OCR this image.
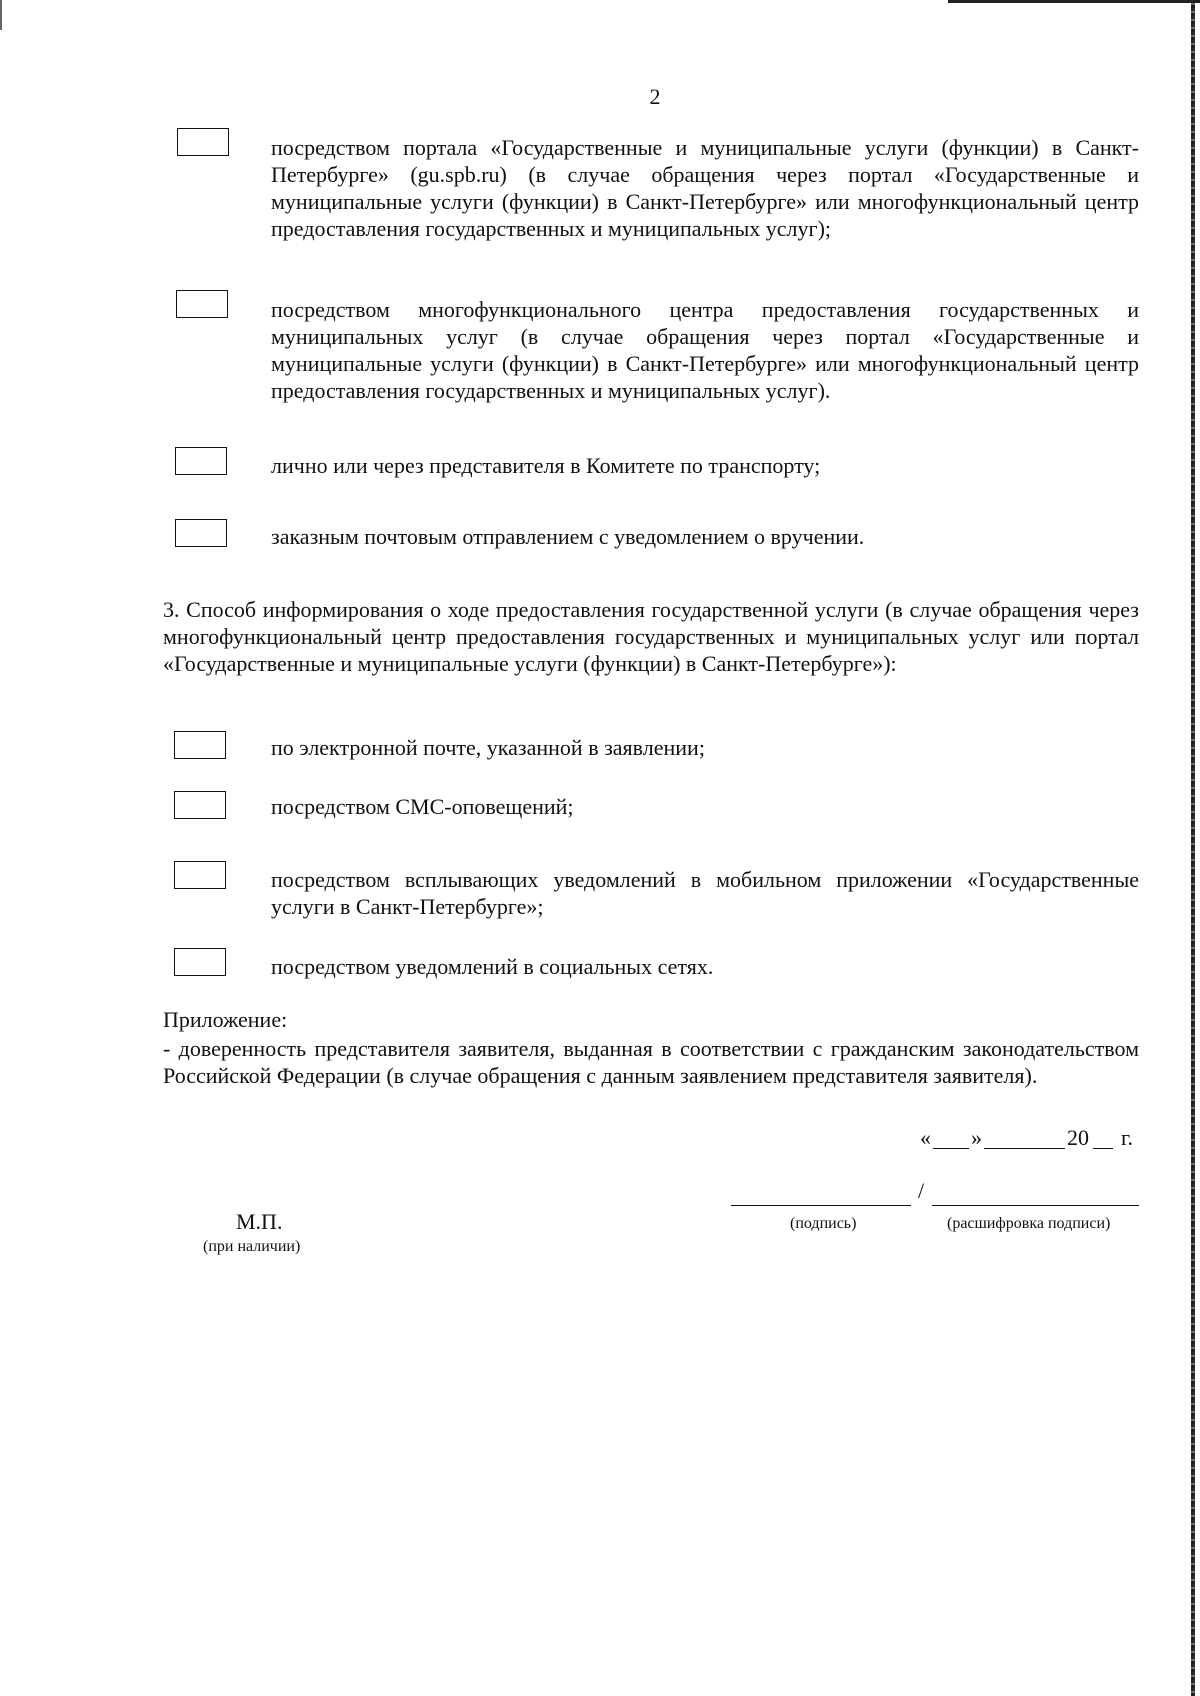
2
посредством портала «Государственные и муниципальные услуги (функции) в Санкт-Петербурге» (gu.spb.ru) (в случае обращения через портал «Государственные и муниципальные услуги (функции) в Санкт-Петербурге» или многофункциональный центр предоставления государственных и муниципальных услуг);
посредством многофункционального центра предоставления государственных и муниципальных услуг (в случае обращения через портал «Государственные и муниципальные услуги (функции) в Санкт-Петербурге» или многофункциональный центр предоставления государственных и муниципальных услуг).
лично или через представителя в Комитете по транспорту;
заказным почтовым отправлением с уведомлением о вручении.
3. Способ информирования о ходе предоставления государственной услуги (в случае обращения через многофункциональный центр предоставления государственных и муниципальных услуг или портал «Государственные и муниципальные услуги (функции) в Санкт-Петербурге»):
по электронной почте, указанной в заявлении;
посредством СМС-оповещений;
посредством всплывающих уведомлений в мобильном приложении «Государственные услуги в Санкт-Петербурге»;
посредством уведомлений в социальных сетях.
Приложение:
- доверенность представителя заявителя, выданная в соответствии с гражданским законодательством Российской Федерации (в случае обращения с данным заявлением представителя заявителя).
« »	20 г.
/
(подпись)	(расшифровка подписи)
М.П.
(при наличии)
